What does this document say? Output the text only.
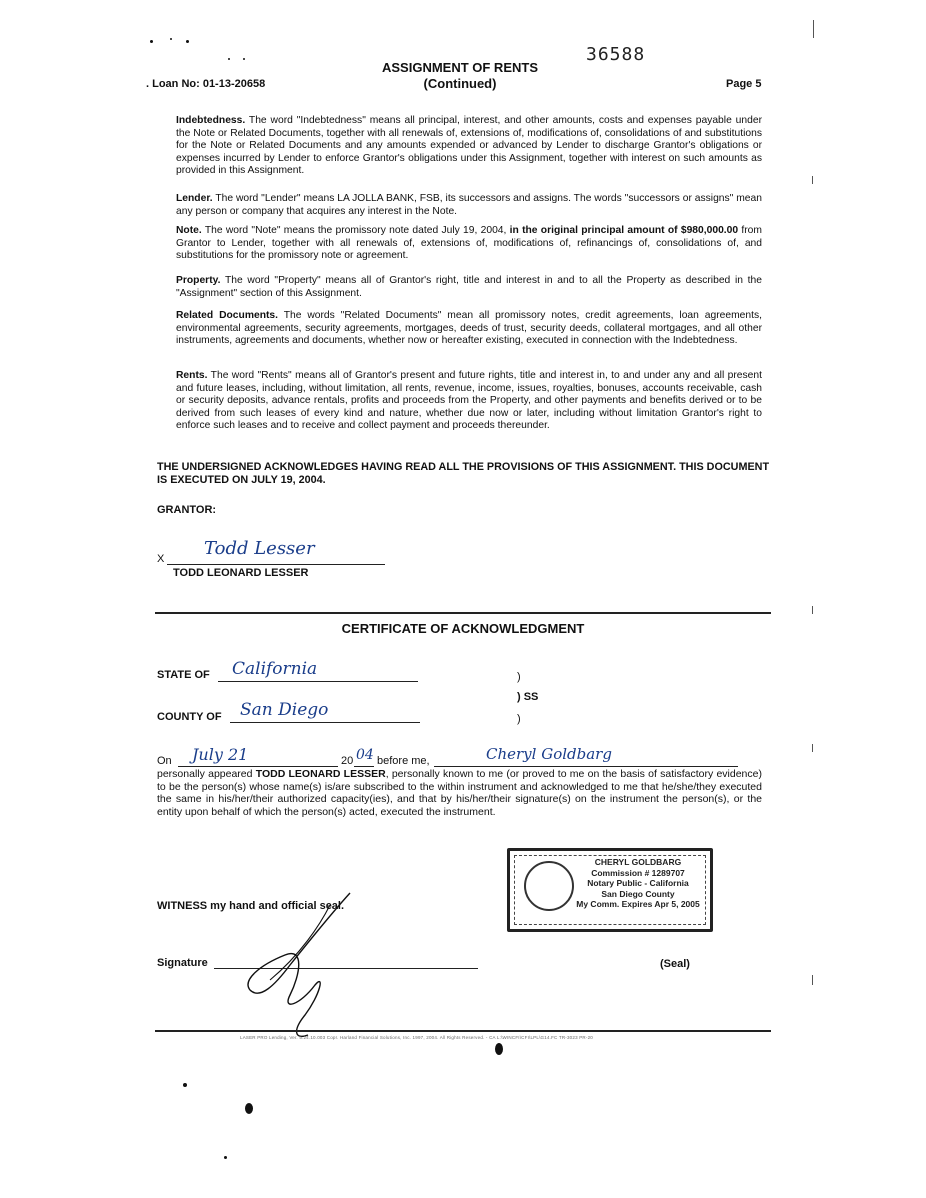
. Loan No: 01-13-20658
ASSIGNMENT OF RENTS
(Continued)
36588
Page 5
Indebtedness. The word "Indebtedness" means all principal, interest, and other amounts, costs and expenses payable under the Note or Related Documents, together with all renewals of, extensions of, modifications of, consolidations of and substitutions for the Note or Related Documents and any amounts expended or advanced by Lender to discharge Grantor's obligations or expenses incurred by Lender to enforce Grantor's obligations under this Assignment, together with interest on such amounts as provided in this Assignment.
Lender. The word "Lender" means LA JOLLA BANK, FSB, its successors and assigns. The words "successors or assigns" mean any person or company that acquires any interest in the Note.
Note. The word "Note" means the promissory note dated July 19, 2004, in the original principal amount of $980,000.00 from Grantor to Lender, together with all renewals of, extensions of, modifications of, refinancings of, consolidations of, and substitutions for the promissory note or agreement.
Property. The word "Property" means all of Grantor's right, title and interest in and to all the Property as described in the "Assignment" section of this Assignment.
Related Documents. The words "Related Documents" mean all promissory notes, credit agreements, loan agreements, environmental agreements, security agreements, mortgages, deeds of trust, security deeds, collateral mortgages, and all other instruments, agreements and documents, whether now or hereafter existing, executed in connection with the Indebtedness.
Rents. The word "Rents" means all of Grantor's present and future rights, title and interest in, to and under any and all present and future leases, including, without limitation, all rents, revenue, income, issues, royalties, bonuses, accounts receivable, cash or security deposits, advance rentals, profits and proceeds from the Property, and other payments and benefits derived or to be derived from such leases of every kind and nature, whether due now or later, including without limitation Grantor's right to enforce such leases and to receive and collect payment and proceeds thereunder.
THE UNDERSIGNED ACKNOWLEDGES HAVING READ ALL THE PROVISIONS OF THIS ASSIGNMENT. THIS DOCUMENT IS EXECUTED ON JULY 19, 2004.
GRANTOR:
X Todd Lesser
TODD LEONARD LESSER
CERTIFICATE OF ACKNOWLEDGMENT
STATE OF California	)
) SS
COUNTY OF San Diego	)
On July 21	20 04 before me,	Cheryl Goldbarg
personally appeared TODD LEONARD LESSER, personally known to me (or proved to me on the basis of satisfactory evidence) to be the person(s) whose name(s) is/are subscribed to the within instrument and acknowledged to me that he/she/they executed the same in his/her/their authorized capacity(ies), and that by his/her/their signature(s) on the instrument the person(s), or the entity upon behalf of which the person(s) acted, executed the instrument.
CHERYL GOLDBARG
Commission # 1289707
Notary Public - California
San Diego County
My Comm. Expires Apr 5, 2005
WITNESS my hand and official seal.
Signature	(Seal)
LASER PRO Lending, Ver. 5.24.10.003 Copr. Harland Financial Solutions, Inc. 1997, 2004. All Rights Reserved. - CA L:\WINCFI\CFI\LPL\G14.FC TR-3023 PR-20
